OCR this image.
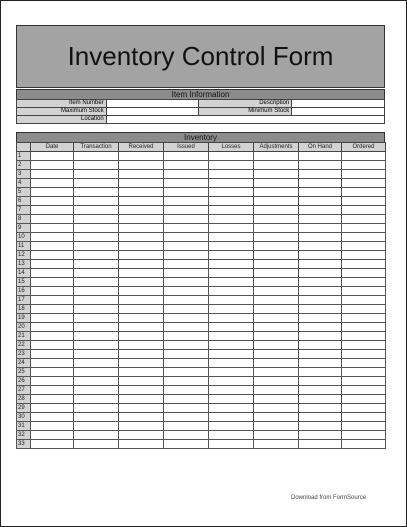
Inventory Control Form
Item Information
Item Number		Description	
Maximum Stock		Minimum Stock	
Location			
Inventory
	Date	Transaction	Received	Issued	Losses	Adjustments	On Hand	Ordered
1								
2								
3								
4								
5								
6								
7								
8								
9								
10								
11								
12								
13								
14								
15								
16								
17								
18								
19								
20								
21								
22								
23								
24								
25								
26								
27								
28								
29								
30								
31								
32								
33								
Download from FormSource
